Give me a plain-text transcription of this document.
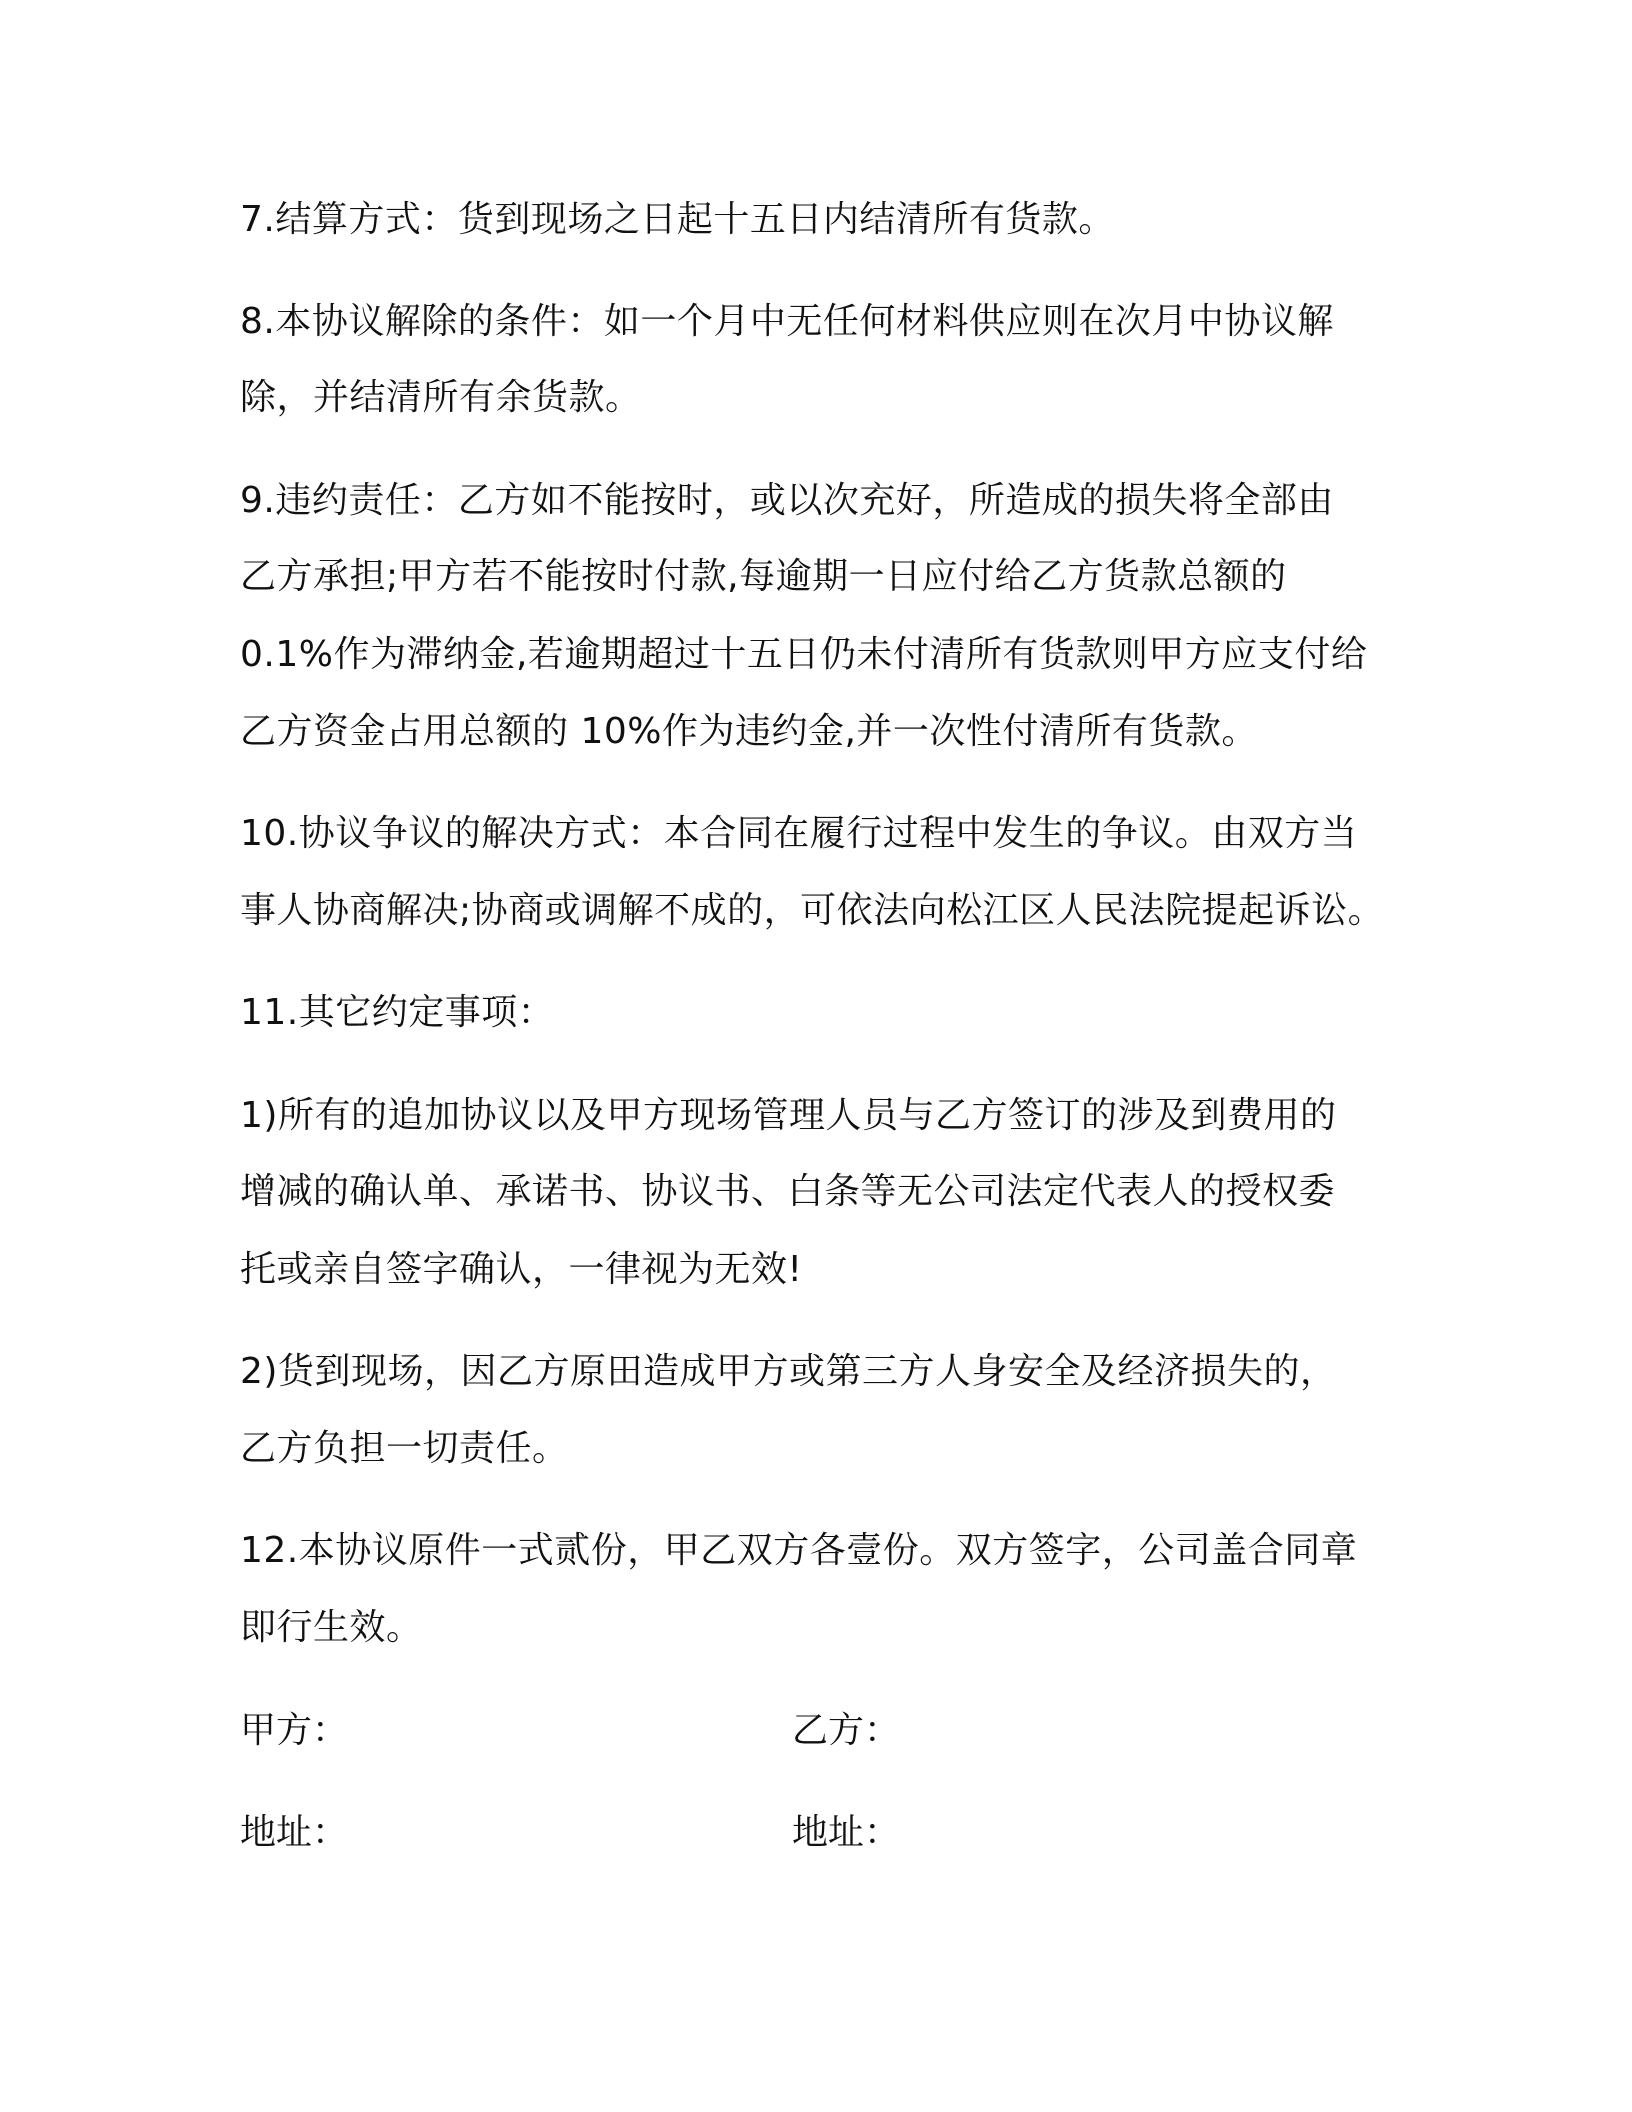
7.结算方式：货到现场之日起十五日内结清所有货款。
8.本协议解除的条件：如一个月中无任何材料供应则在次月中协议解
除，并结清所有余货款。
9.违约责任：乙方如不能按时，或以次充好，所造成的损失将全部由
乙方承担;甲方若不能按时付款,每逾期一日应付给乙方货款总额的
0.1%作为滞纳金,若逾期超过十五日仍未付清所有货款则甲方应支付给
乙方资金占用总额的 10%作为违约金,并一次性付清所有货款。
10.协议争议的解决方式：本合同在履行过程中发生的争议。由双方当
事人协商解决;协商或调解不成的，可依法向松江区人民法院提起诉讼。
11.其它约定事项：
1)所有的追加协议以及甲方现场管理人员与乙方签订的涉及到费用的
增减的确认单、承诺书、协议书、白条等无公司法定代表人的授权委
托或亲自签字确认，一律视为无效!
2)货到现场，因乙方原田造成甲方或第三方人身安全及经济损失的，
乙方负担一切责任。
12.本协议原件一式贰份，甲乙双方各壹份。双方签字，公司盖合同章
即行生效。
甲方：	乙方：
地址：	地址：
